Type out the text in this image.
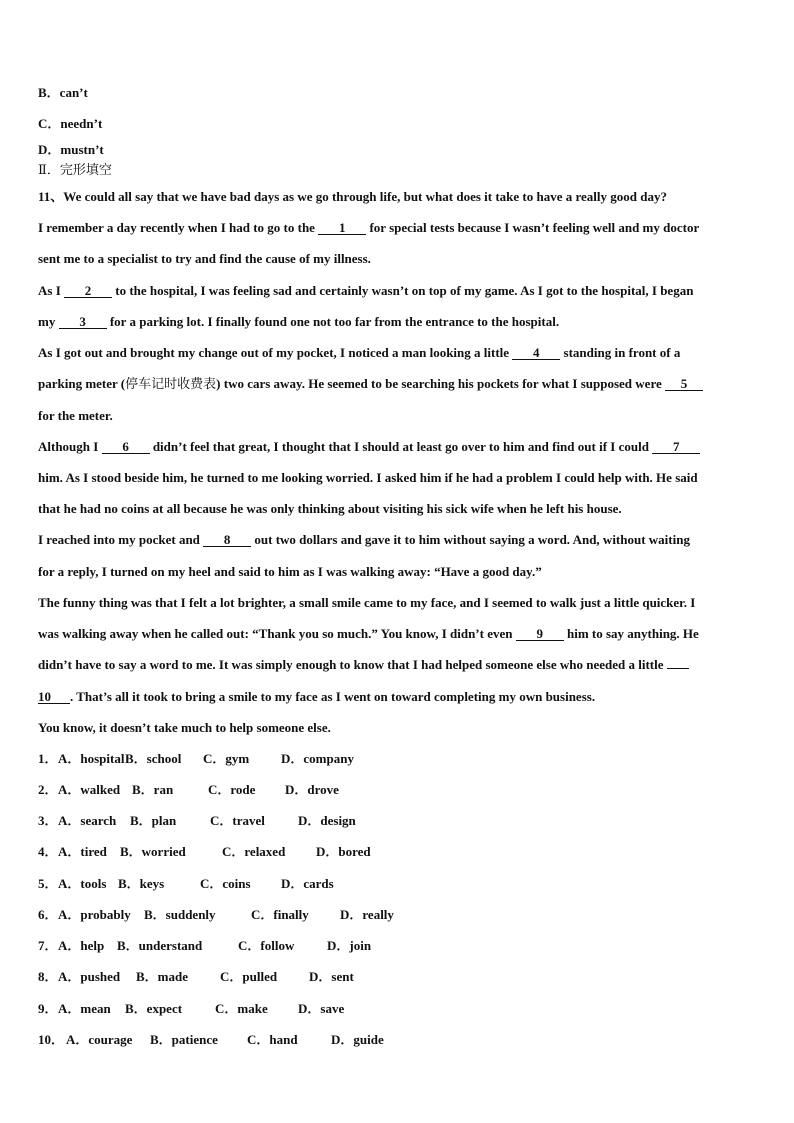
B．can’t
C．needn’t
D．mustn’t
Ⅱ．完形填空
11、We could all say that we have bad days as we go through life, but what does it take to have a really good day?
I remember a day recently when I had to go to the 1 for special tests because I wasn’t feeling well and my doctor
sent me to a specialist to try and find the cause of my illness.
As I 2 to the hospital, I was feeling sad and certainly wasn’t on top of my game. As I got to the hospital, I began
my 3 for a parking lot. I finally found one not too far from the entrance to the hospital.
As I got out and brought my change out of my pocket, I noticed a man looking a little 4 standing in front of a
parking meter (停车记时收费表) two cars away. He seemed to be searching his pockets for what I supposed were 5
for the meter.
Although I 6 didn’t feel that great, I thought that I should at least go over to him and find out if I could 7
him. As I stood beside him, he turned to me looking worried. I asked him if he had a problem I could help with. He said
that he had no coins at all because he was only thinking about visiting his sick wife when he left his house.
I reached into my pocket and 8 out two dollars and gave it to him without saying a word. And, without waiting
for a reply, I turned on my heel and said to him as I was walking away: “Have a good day.”
The funny thing was that I felt a lot brighter, a small smile came to my face, and I seemed to walk just a little quicker. I
was walking away when he called out: “Thank you so much.” You know, I didn’t even 9 him to say anything. He
didn’t have to say a word to me. It was simply enough to know that I had helped someone else who needed a little
10 . That’s all it took to bring a smile to my face as I went on toward completing my own business.
You know, it doesn’t take much to help someone else.
1． A．hospital B．school C．gym D．company
2． A．walked B．ran	C．rode D．drove
3． A．search B．plan	C．travel	D．design
4． A．tired B．worried	C．relaxed D．bored
5． A．tools B．keys	C．coins D．cards
6． A．probably B．suddenly	C．finally D．really
7． A．help B．understand	C．follow	D．join
8． A．pushed B．made C．pulled D．sent
9． A．mean B．expect	C．make D．save
10． A．courage B．patience C．hand	D．guide
